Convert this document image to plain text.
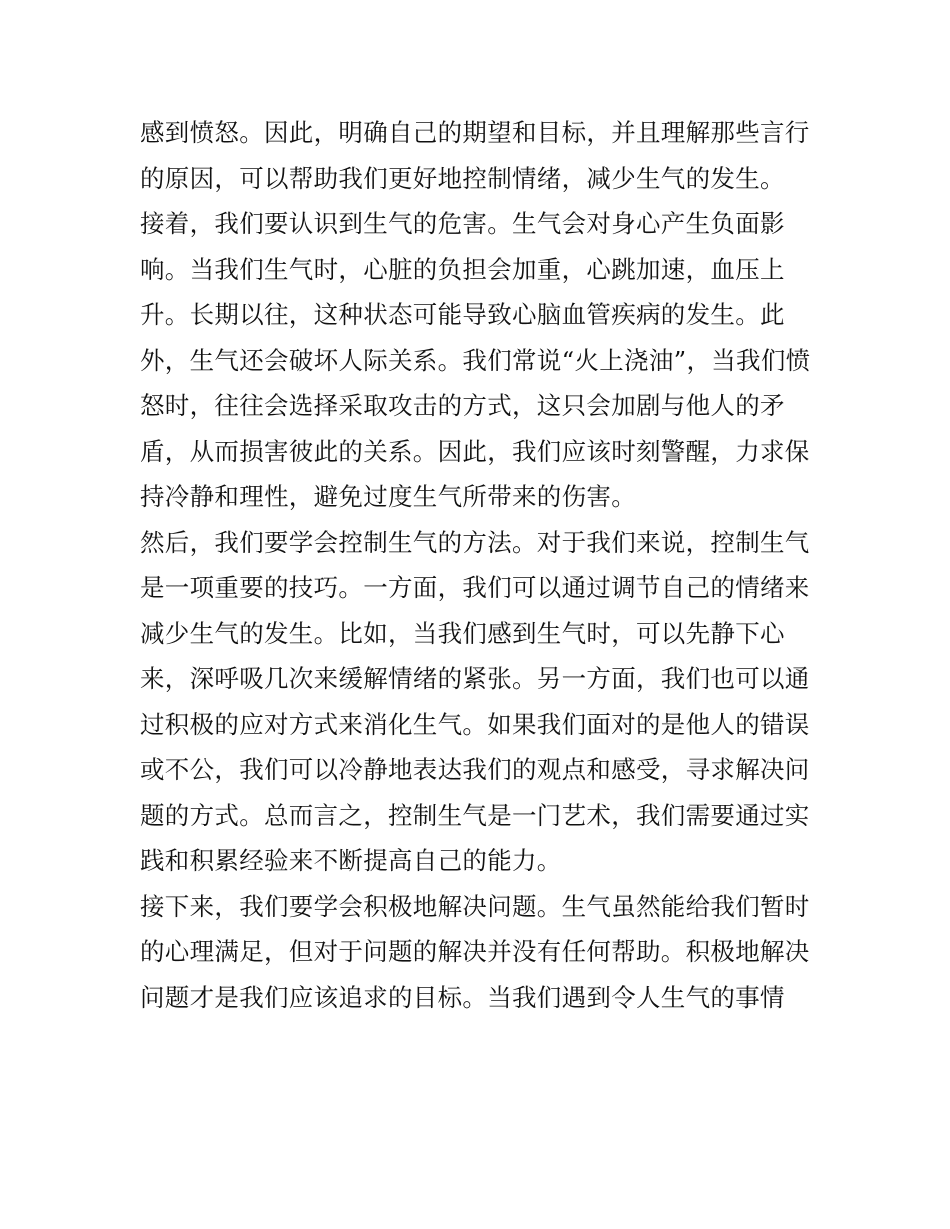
感到愤怒。因此，明确自己的期望和目标，并且理解那些言行
的原因，可以帮助我们更好地控制情绪，减少生气的发生。
接着，我们要认识到生气的危害。生气会对身心产生负面影
响。当我们生气时，心脏的负担会加重，心跳加速，血压上
升。长期以往，这种状态可能导致心脑血管疾病的发生。此
外，生气还会破坏人际关系。我们常说“火上浇油”，当我们愤
怒时，往往会选择采取攻击的方式，这只会加剧与他人的矛
盾，从而损害彼此的关系。因此，我们应该时刻警醒，力求保
持冷静和理性，避免过度生气所带来的伤害。
然后，我们要学会控制生气的方法。对于我们来说，控制生气
是一项重要的技巧。一方面，我们可以通过调节自己的情绪来
减少生气的发生。比如，当我们感到生气时，可以先静下心
来，深呼吸几次来缓解情绪的紧张。另一方面，我们也可以通
过积极的应对方式来消化生气。如果我们面对的是他人的错误
或不公，我们可以冷静地表达我们的观点和感受，寻求解决问
题的方式。总而言之，控制生气是一门艺术，我们需要通过实
践和积累经验来不断提高自己的能力。
接下来，我们要学会积极地解决问题。生气虽然能给我们暂时
的心理满足，但对于问题的解决并没有任何帮助。积极地解决
问题才是我们应该追求的目标。当我们遇到令人生气的事情
